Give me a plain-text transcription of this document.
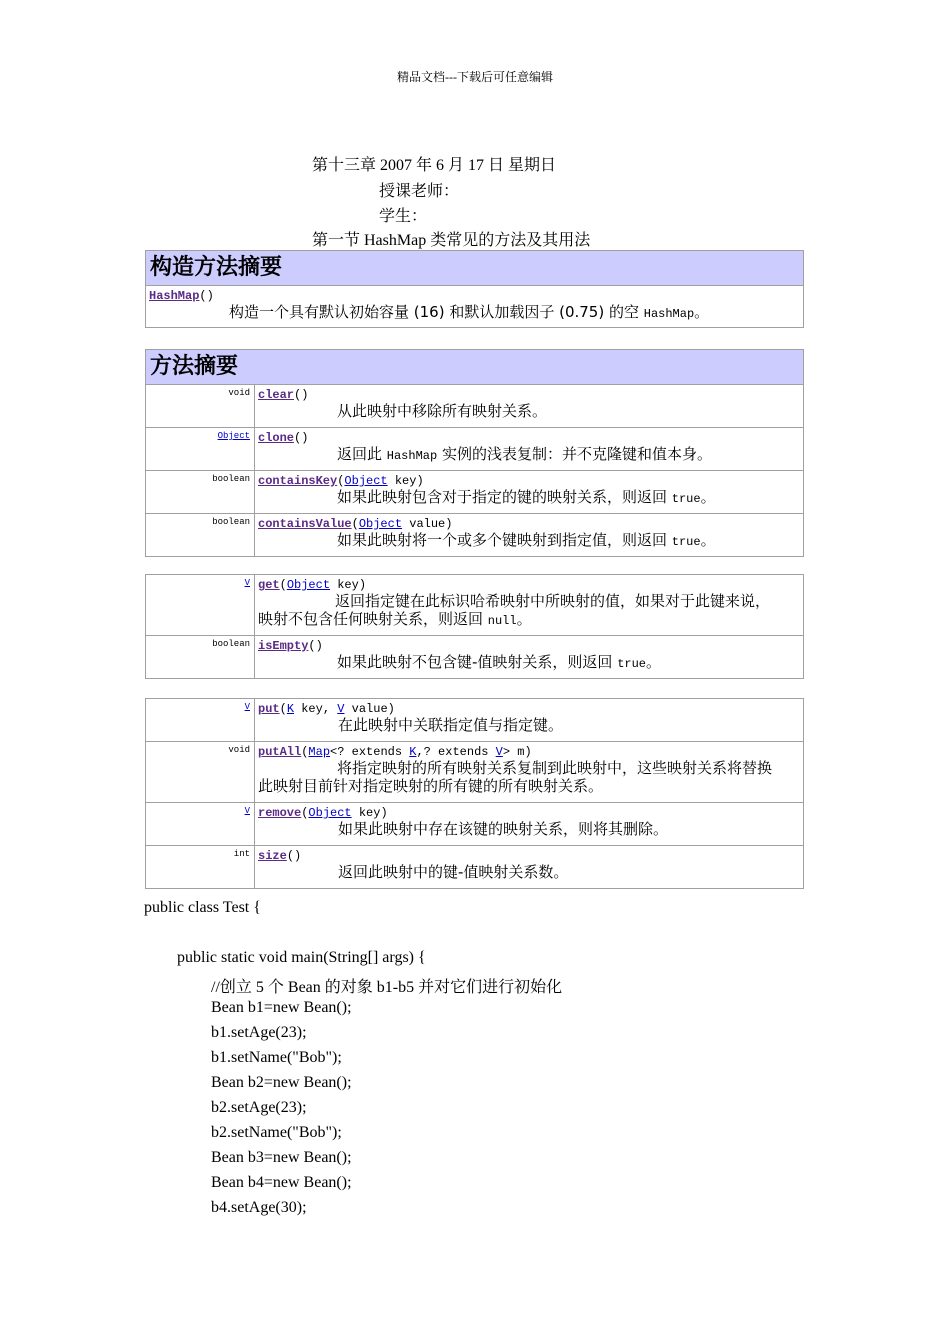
精品文档---下载后可任意编辑
第十三章 2007 年 6 月 17 日 星期日
授课老师：
学生：
第一节 HashMap 类常见的方法及其用法
构造方法摘要

HashMap()
构造一个具有默认初始容量 (16) 和默认加载因子 (0.75) 的空 HashMap。
方法摘要	
void	clear()
从此映射中移除所有映射关系。

Object	clone()
返回此 HashMap 实例的浅表复制：并不克隆键和值本身。

boolean	containsKey(Object key)
如果此映射包含对于指定的键的映射关系，则返回 true。

boolean	containsValue(Object value)
如果此映射将一个或多个键映射到指定值，则返回 true。
V	get(Object key)
返回指定键在此标识哈希映射中所映射的值，如果对于此键来说，
映射不包含任何映射关系，则返回 null。

boolean	isEmpty()
如果此映射不包含键-值映射关系，则返回 true。
V	put(K key, V value)
在此映射中关联指定值与指定键。

void	putAll(Map<? extends K,? extends V> m)
将指定映射的所有映射关系复制到此映射中，这些映射关系将替换
此映射目前针对指定映射的所有键的所有映射关系。

V	remove(Object key)
如果此映射中存在该键的映射关系，则将其删除。

int	size()
返回此映射中的键-值映射关系数。
public class Test {
public static void main(String[] args) {
//创立 5 个 Bean 的对象 b1-b5 并对它们进行初始化
Bean b1=new Bean();
b1.setAge(23);
b1.setName("Bob");
Bean b2=new Bean();
b2.setAge(23);
b2.setName("Bob");
Bean b3=new Bean();
Bean b4=new Bean();
b4.setAge(30);
